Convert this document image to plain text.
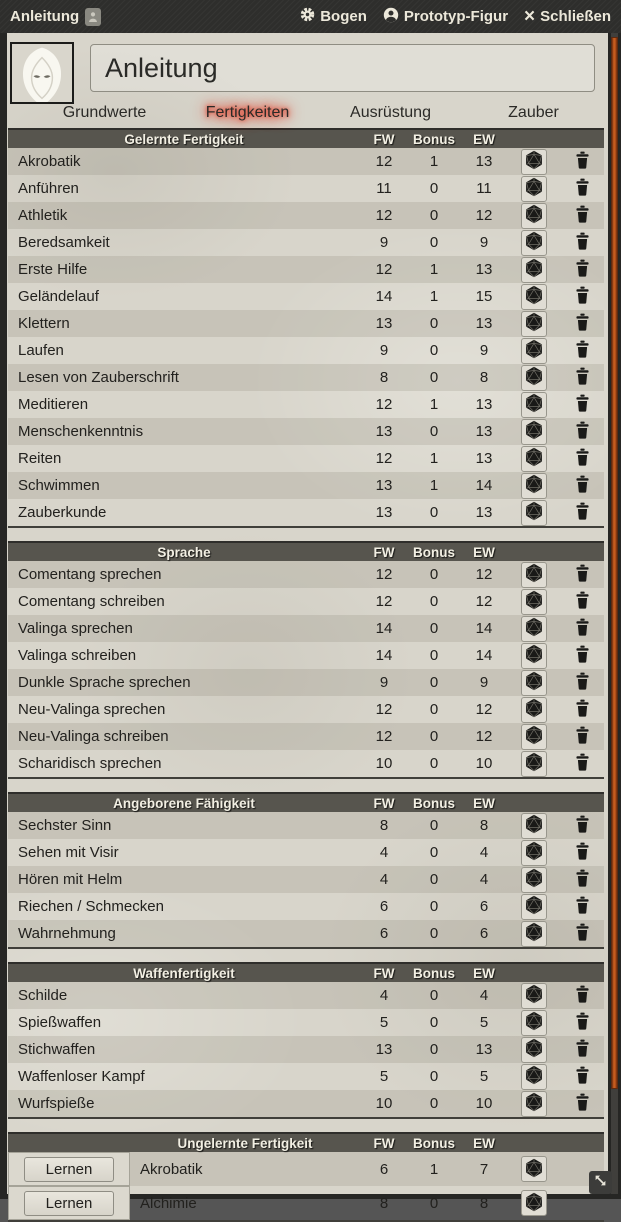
Anleitung	Bogen Prototyp-Figur × Schließen
Anleitung
Grundwerte	Fertigkeiten	Ausrüstung	Zauber
Gelernte Fertigkeit	FW	Bonus	EW
Akrobatik	12	1	13
Anführen	11	0	11
Athletik	12	0	12
Beredsamkeit	9	0	9
Erste Hilfe	12	1	13
Geländelauf	14	1	15
Klettern	13	0	13
Laufen	9	0	9
Lesen von Zauberschrift	8	0	8
Meditieren	12	1	13
Menschenkenntnis	13	0	13
Reiten	12	1	13
Schwimmen	13	1	14
Zauberkunde	13	0	13
Sprache	FW	Bonus	EW
Comentang sprechen	12	0	12
Comentang schreiben	12	0	12
Valinga sprechen	14	0	14
Valinga schreiben	14	0	14
Dunkle Sprache sprechen	9	0	9
Neu-Valinga sprechen	12	0	12
Neu-Valinga schreiben	12	0	12
Scharidisch sprechen	10	0	10
Angeborene Fähigkeit	FW	Bonus	EW
Sechster Sinn	8	0	8
Sehen mit Visir	4	0	4
Hören mit Helm	4	0	4
Riechen / Schmecken	6	0	6
Wahrnehmung	6	0	6
Waffenfertigkeit	FW	Bonus	EW
Schilde	4	0	4
Spießwaffen	5	0	5
Stichwaffen	13	0	13
Waffenloser Kampf	5	0	5
Wurfspieße	10	0	10
Ungelernte Fertigkeit	FW	Bonus	EW
Lernen	Akrobatik	6	1	7
Lernen	Alchimie	8	0	8
